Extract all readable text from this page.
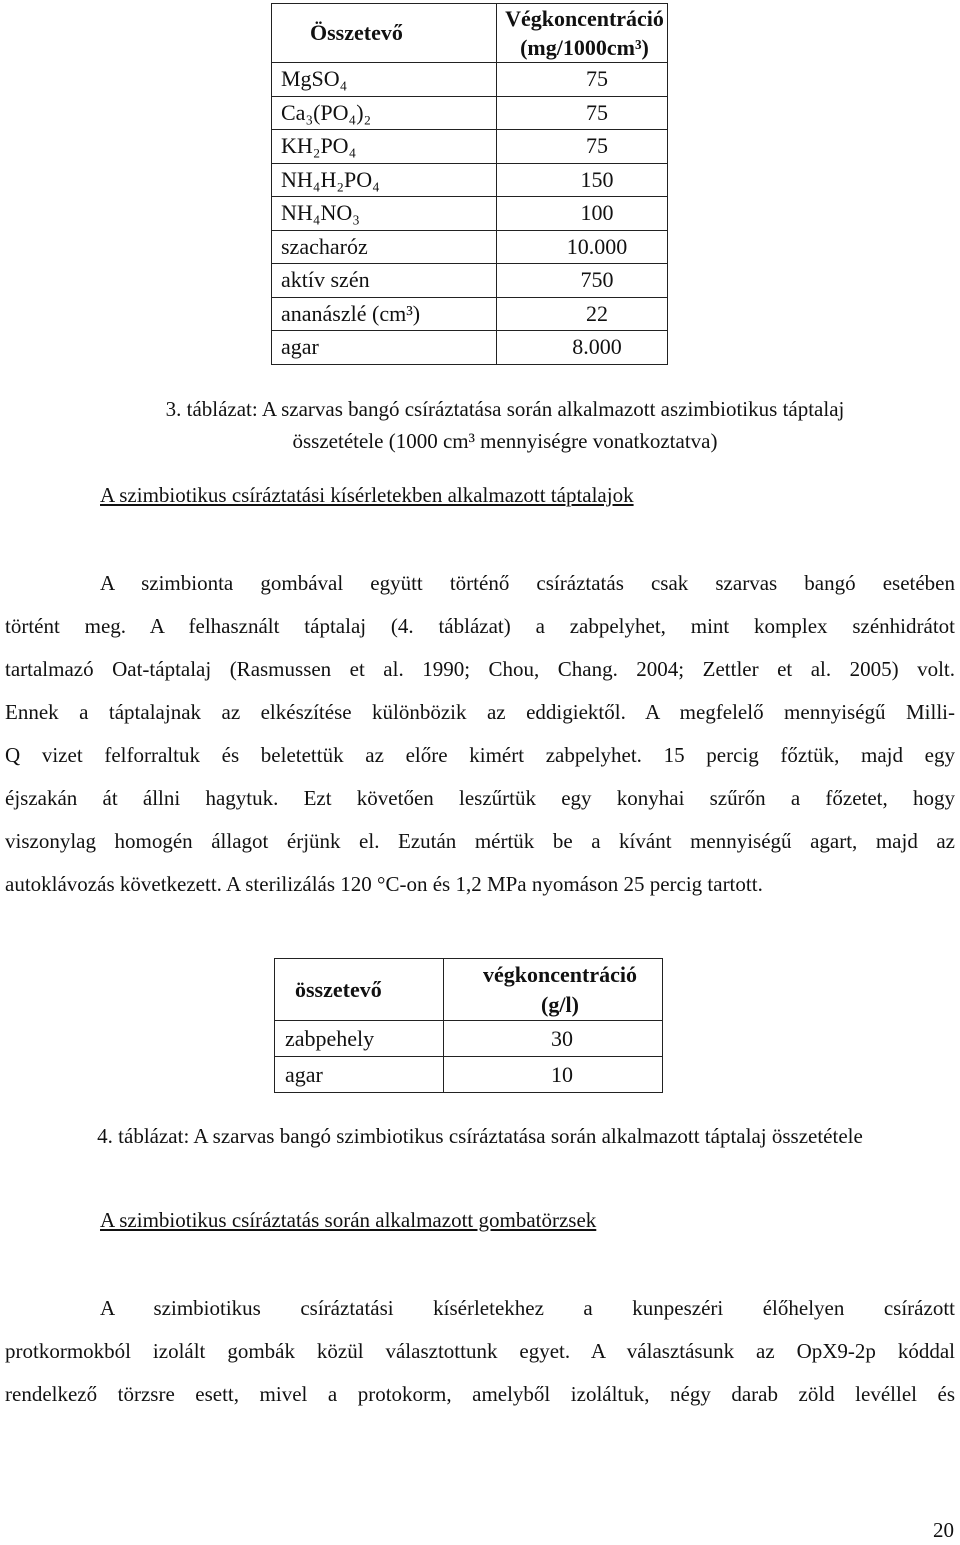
Összetevő	Végkoncentráció
(mg/1000cm³)

MgSO₄	75
Ca₃(PO₄)₂	75
KH₂PO₄	75
NH₄H₂PO₄	150
NH₄NO₃	100
szacharóz	10.000
aktív szén	750
ananászlé (cm³)	22
agar	8.000
3. táblázat: A szarvas bangó csíráztatása során alkalmazott aszimbiotikus táptalaj
összetétele (1000 cm³ mennyiségre vonatkoztatva)
A szimbiotikus csíráztatási kísérletekben alkalmazott táptalajok
A szimbionta gombával együtt történő csíráztatás csak szarvas bangó esetében
történt meg. A felhasznált táptalaj (4. táblázat) a zabpelyhet, mint komplex szénhidrátot
tartalmazó Oat-táptalaj (Rasmussen et al. 1990; Chou, Chang. 2004; Zettler et al. 2005) volt.
Ennek a táptalajnak az elkészítése különbözik az eddigiektől. A megfelelő mennyiségű Milli-
Q vizet felforraltuk és beletettük az előre kimért zabpelyhet. 15 percig főztük, majd egy
éjszakán át állni hagytuk. Ezt követően leszűrtük egy konyhai szűrőn a főzetet, hogy
viszonylag homogén állagot érjünk el. Ezután mértük be a kívánt mennyiségű agart, majd az
autoklávozás következett. A sterilizálás 120 °C-on és 1,2 MPa nyomáson 25 percig tartott.
összetevő	végkoncentráció
(g/l)

zabpehely	30
agar	10
4. táblázat: A szarvas bangó szimbiotikus csíráztatása során alkalmazott táptalaj összetétele
A szimbiotikus csíráztatás során alkalmazott gombatörzsek
A szimbiotikus csíráztatási kísérletekhez a kunpeszéri élőhelyen csírázott
protkormokból izolált gombák közül választottunk egyet. A választásunk az OpX9-2p kóddal
rendelkező törzsre esett, mivel a protokorm, amelyből izoláltuk, négy darab zöld levéllel és
20
